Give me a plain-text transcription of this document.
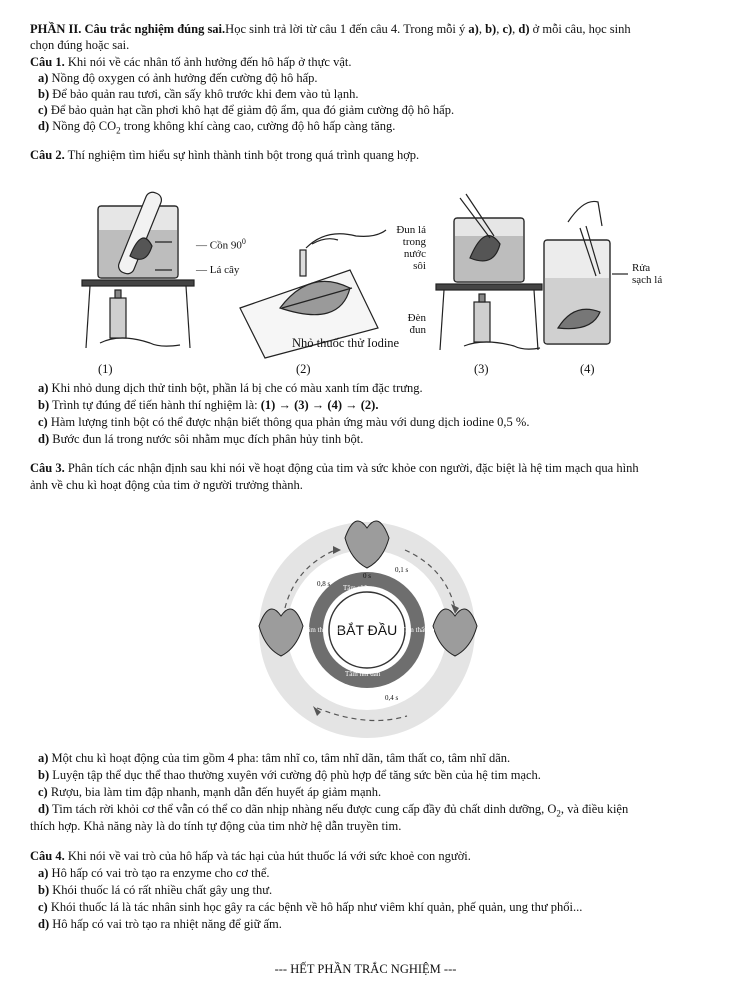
PHẦN II. Câu trắc nghiệm đúng sai.Học sinh trả lời từ câu 1 đến câu 4. Trong mỗi ý a), b), c), d) ở mỗi câu, học sinh
chọn đúng hoặc sai.
Câu 1. Khi nói về các nhân tố ảnh hưởng đến hô hấp ở thực vật.
a) Nồng độ oxygen có ảnh hưởng đến cường độ hô hấp.
b) Để bảo quản rau tươi, cần sấy khô trước khi đem vào tủ lạnh.
c) Để bảo quản hạt cần phơi khô hạt để giảm độ ẩm, qua đó giảm cường độ hô hấp.
d) Nồng độ $CO_2$ trong không khí càng cao, cường độ hô hấp càng tăng.
Câu 2. Thí nghiệm tìm hiểu sự hình thành tinh bột trong quá trình quang hợp.
— Cồn $90^0$
— Lá cây
Nhỏ thuốc thử Iodine
Đun lá
trong
nước
sôi
Đèn
đun
Rửa
sạch lá
(1)	(2)	(3)	(4)
a) Khi nhỏ dung dịch thử tinh bột, phần lá bị che có màu xanh tím đặc trưng.
b) Trình tự đúng để tiến hành thí nghiệm là: (1) → (3) → (4) → (2).
c) Hàm lượng tinh bột có thể được nhận biết thông qua phản ứng màu với dung dịch iodine 0,5 %.
d) Bước đun lá trong nước sôi nhằm mục đích phân hủy tinh bột.
Câu 3. Phân tích các nhận định sau khi nói về hoạt động của tim và sức khỏe con người, đặc biệt là hệ tim mạch qua hình
ảnh về chu kì hoạt động của tim ở người trưởng thành.
BẮT ĐẦU
Tâm nhĩ co
Tâm thất co
Tâm nhĩ dãn
Tâm thất dãn
0 s
0,1 s
0,8 s
0,4 s
a) Một chu kì hoạt động của tim gồm 4 pha: tâm nhĩ co, tâm nhĩ dãn, tâm thất co, tâm nhĩ dãn.
b) Luyện tập thể dục thể thao thường xuyên với cường độ phù hợp để tăng sức bền của hệ tim mạch.
c) Rượu, bia làm tim đập nhanh, mạnh dẫn đến huyết áp giảm mạnh.
d) Tim tách rời khỏi cơ thể vẫn có thể co dãn nhịp nhàng nếu được cung cấp đầy đủ chất dinh dưỡng, $O_2$, và điều kiện
thích hợp. Khả năng này là do tính tự động của tim nhờ hệ dẫn truyền tim.
Câu 4. Khi nói về vai trò của hô hấp và tác hại của hút thuốc lá với sức khoẻ con người.
a) Hô hấp có vai trò tạo ra enzyme cho cơ thể.
b) Khói thuốc lá có rất nhiều chất gây ung thư.
c) Khói thuốc lá là tác nhân sinh học gây ra các bệnh về hô hấp như viêm khí quản, phế quản, ung thư phổi...
d) Hô hấp có vai trò tạo ra nhiệt năng để giữ ấm.
--- HẾT PHẦN TRẮC NGHIỆM ---
